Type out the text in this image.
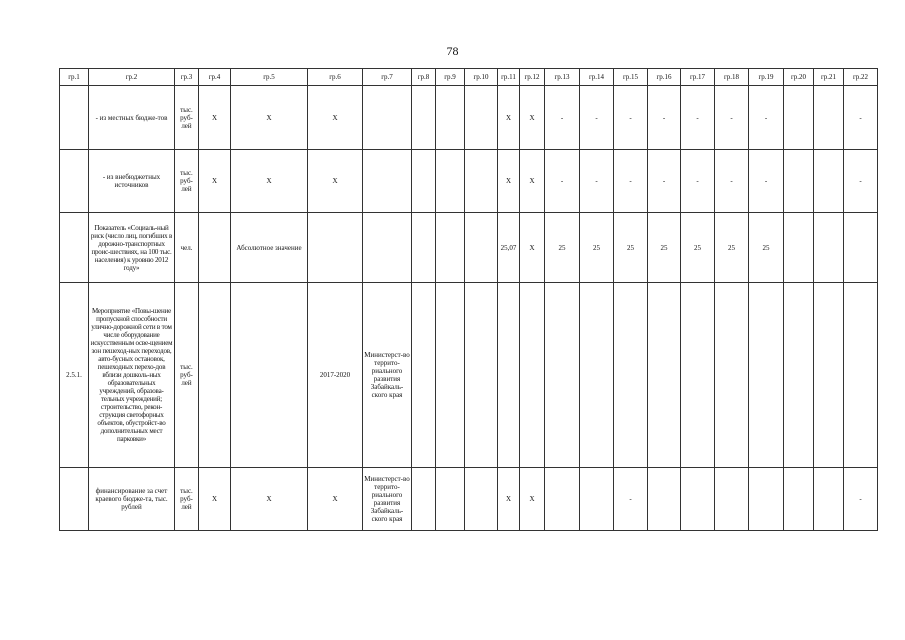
78
гр.1	гр.2	гр.3	гр.4	гр.5	гр.6	гр.7	гр.8	гр.9	гр.10	гр.11	гр.12	гр.13	гр.14	гр.15	гр.16	гр.17	гр.18	гр.19	гр.20	гр.21	гр.22
	- из местных бюдже-тов	тыс. руб-лей	X	X	X					X	X	-	-	-	-	-	-	-			-
	- из внебюджетных источников	тыс. руб-лей	X	X	X					X	X	-	-	-	-	-	-	-			-
	Показатель «Социаль-ный риск (число лиц, погибших в дорожно-транспортных проис-шествиях, на 100 тыс. населения) к уровню 2012 году»	чел.		Абсолютное значение						25,07	X	25	25	25	25	25	25	25			
2.5.1.	Мероприятие «Повы-шение пропускной способности улично-дорожной сети в том числе оборудование искусственным осве-щением зон пешеход-ных переходов, авто-бусных остановок, пешеходных перехо-дов вблизи дошколь-ных образовательных учреждений, образова-тельных учреждений; строительство, рекон-струкция светофорных объектов, обустройст-во дополнительных мест парковки»	тыс. руб-лей			2017-2020	Министерст-во террито-риального развития Забайкаль-ского края															
	финансирование за счет краевого бюдже-та, тыс. рублей	тыс. руб-лей	X	X	X	Министерст-во террито-риального развития Забайкаль-ского края				X	X			-							-
